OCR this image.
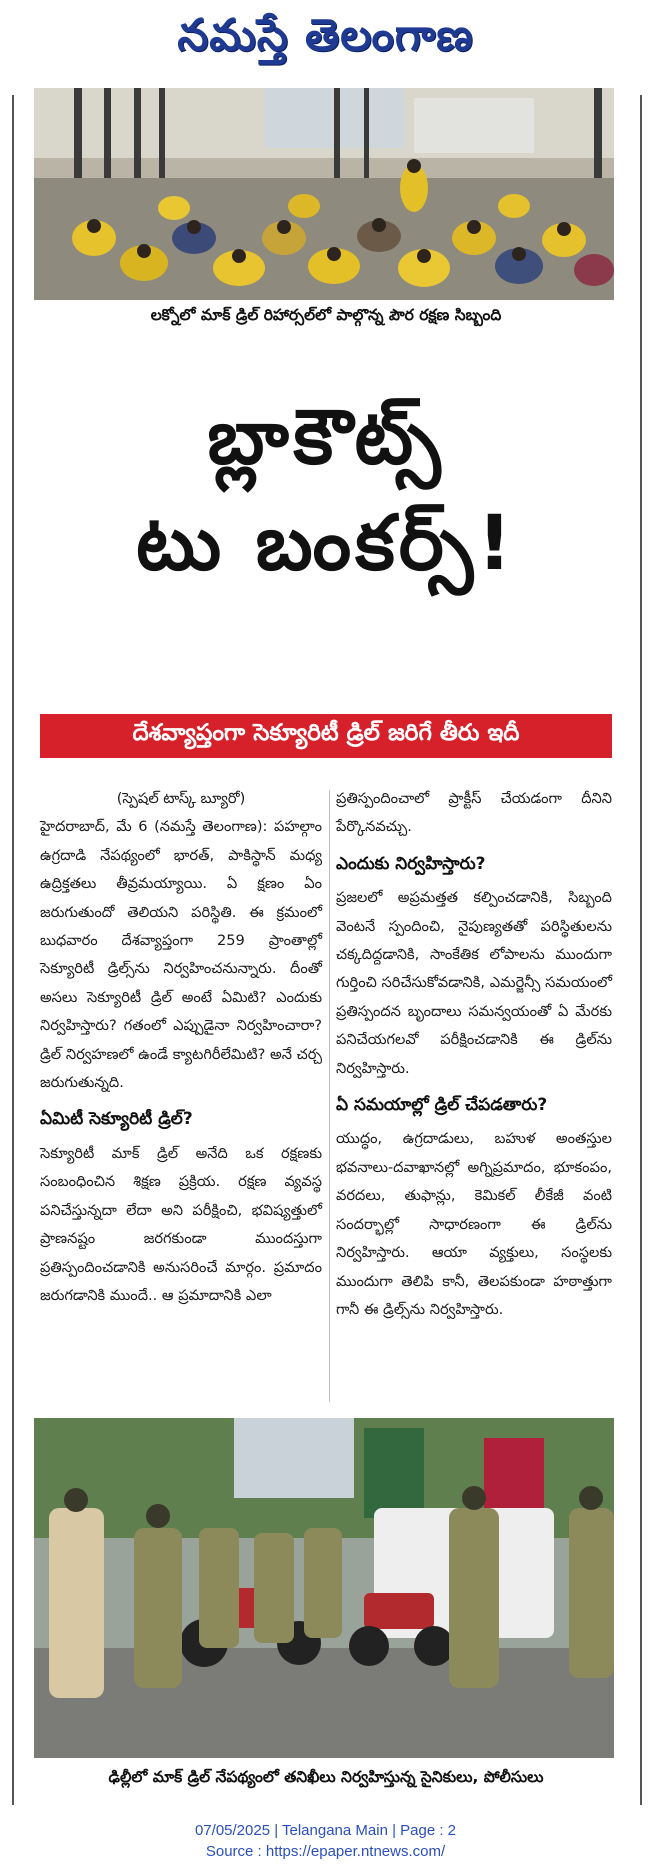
నమస్తే తెలంగాణ
లక్నోలో మాక్ డ్రిల్ రిహార్సల్‌లో పాల్గొన్న పౌర రక్షణ సిబ్బంది
బ్లాకౌట్స్
టు బంకర్స్!
దేశవ్యాప్తంగా సెక్యూరిటీ డ్రిల్ జరిగే తీరు ఇదీ

(స్పెషల్ టాస్క్ బ్యూరో)

హైదరాబాద్, మే 6 (నమస్తే తెలంగాణ): పహల్గాం ఉగ్రదాడి నేపథ్యంలో భారత్, పాకిస్థాన్ మధ్య ఉద్రిక్తతలు తీవ్రమయ్యాయి. ఏ క్షణం ఏం జరుగుతుందో తెలియని పరిస్థితి. ఈ క్రమంలో బుధవారం దేశవ్యాప్తంగా 259 ప్రాంతాల్లో సెక్యూరిటీ డ్రిల్స్‌ను నిర్వహించనున్నారు. దీంతో అసలు సెక్యూరిటీ డ్రిల్ అంటే ఏమిటి? ఎందుకు నిర్వహిస్తారు? గతంలో ఎప్పుడైనా నిర్వహించారా? డ్రిల్ నిర్వహణలో ఉండే క్యాటగిరీలేమిటి? అనే చర్చ జరుగుతున్నది.

ఏమిటీ సెక్యూరిటీ డ్రిల్?

సెక్యూరిటీ మాక్ డ్రిల్ అనేది ఒక రక్షణకు సంబంధించిన శిక్షణ ప్రక్రియ. రక్షణ వ్యవస్థ పనిచేస్తున్నదా లేదా అని పరీక్షించి, భవిష్యత్తులో ప్రాణనష్టం జరగకుండా ముందస్తుగా ప్రతిస్పందించడానికి అనుసరించే మార్గం. ప్రమాదం జరుగడానికి ముందే.. ఆ ప్రమాదానికి ఎలా

ప్రతిస్పందించాలో ప్రాక్టీస్ చేయడంగా దీనిని పేర్కొనవచ్చు.

ఎందుకు నిర్వహిస్తారు?

ప్రజలలో అప్రమత్తత కల్పించడానికి, సిబ్బంది వెంటనే స్పందించి, నైపుణ్యతతో పరిస్థితులను చక్కదిద్దడానికి, సాంకేతిక లోపాలను ముందుగా గుర్తించి సరిచేసుకోవడానికి, ఎమర్జెన్సీ సమయంలో ప్రతిస్పందన బృందాలు సమన్వయంతో ఏ మేరకు పనిచేయగలవో పరీక్షించడానికి ఈ డ్రిల్‌ను నిర్వహిస్తారు.

ఏ సమయాల్లో డ్రిల్ చేపడతారు?

యుద్ధం, ఉగ్రదాడులు, బహుళ అంతస్తుల భవనాలు-దవాఖానల్లో అగ్నిప్రమాదం, భూకంపం, వరదలు, తుఫాన్లు, కెమికల్ లీకేజీ వంటి సందర్భాల్లో సాధారణంగా ఈ డ్రిల్‌ను నిర్వహిస్తారు. ఆయా వ్యక్తులు, సంస్థలకు ముందుగా తెలిపి కానీ, తెలపకుండా హఠాత్తుగా గానీ ఈ డ్రిల్స్‌ను నిర్వహిస్తారు.

ఢిల్లీలో మాక్ డ్రిల్ నేపథ్యంలో తనిఖీలు నిర్వహిస్తున్న సైనికులు, పోలీసులు
07/05/2025 | Telangana Main | Page : 2
Source : https://epaper.ntnews.com/
